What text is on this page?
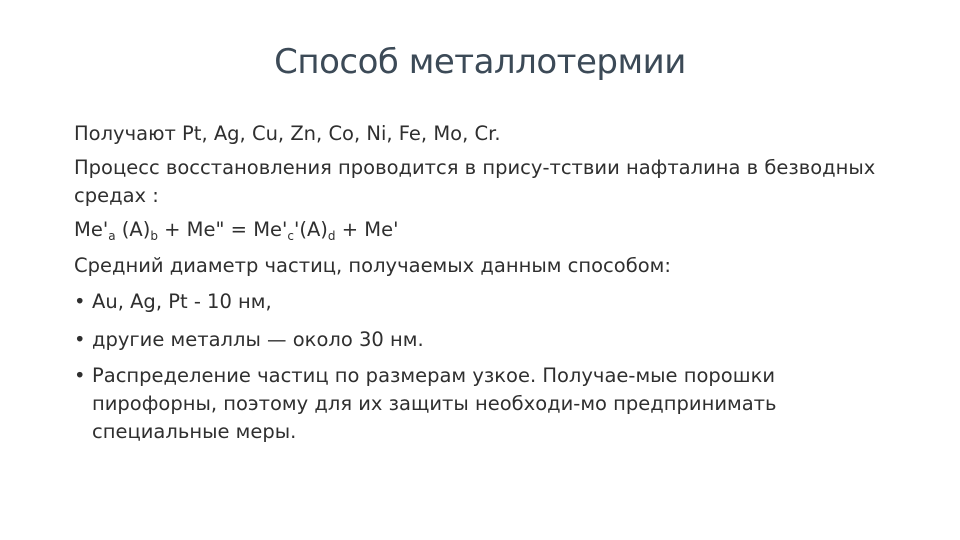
Способ металлотермии

Получают Pt, Ag, Cu, Zn, Co, Ni, Fe, Mo, Cr.

Процесс восстановления проводится в прису-тствии нафталина в безводных средах :

$Me'_a$ $(A)_b + Me$" = $Me'_c'(A)_d + Me'$

Средний диаметр частиц, получаемых данным способом:

• Au, Ag, Pt - 10 нм,
• другие металлы — около 30 нм.
• Распределение частиц по размерам узкое. Получае-мые порошки пирофорны, поэтому для их защиты необходи-мо предпринимать специальные меры.
